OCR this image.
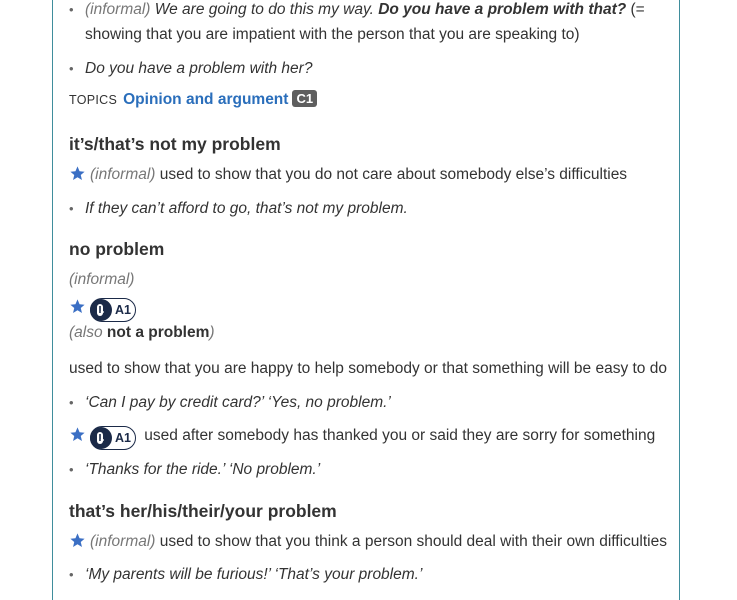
• (informal) We are going to do this my way. Do you have a problem with that? (=
showing that you are impatient with the person that you are speaking to)
• Do you have a problem with her?
TOPICS Opinion and argument C1
it’s/that’s not my problem
(informal) used to show that you do not care about somebody else’s difficulties
• If they can’t afford to go, that’s not my problem.
no problem
(informal)
A1
(also not a problem)
used to show that you are happy to help somebody or that something will be easy to do
• ‘Can I pay by credit card?’ ‘Yes, no problem.’
A1 used after somebody has thanked you or said they are sorry for something
• ‘Thanks for the ride.’ ‘No problem.’
that’s her/his/their/your problem
(informal) used to show that you think a person should deal with their own difficulties
• ‘My parents will be furious!’ ‘That’s your problem.’
